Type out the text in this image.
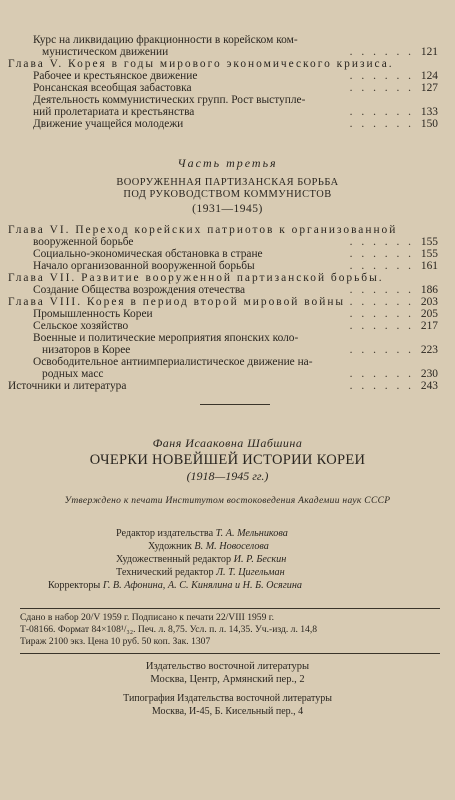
Курс на ликвидацию фракционности в корейском ком-
мунистическом движении	. . . . . . 121
Глава V. Корея в годы мирового экономического кризиса.
Рабочее и крестьянское движение	. . . . . . 124
Ронсанская всеобщая забастовка	. . . . . . 127
Деятельность коммунистических групп. Рост выступле-
ний пролетариата и крестьянства	. . . . . . 133
Движение учащейся молодежи	. . . . . . 150
Часть третья
ВООРУЖЕННАЯ ПАРТИЗАНСКАЯ БОРЬБА
ПОД РУКОВОДСТВОМ КОММУНИСТОВ
(1931—1945)
Глава VI. Переход корейских патриотов к организованной
вооруженной борьбе	. . . . . . 155
Социально-экономическая обстановка в стране	. . . . . . 155
Начало организованной вооруженной борьбы	. . . . . . 161
Глава VII. Развитие вооруженной партизанской борьбы.
Создание Общества возрождения отечества	. . . . . . 186
Глава VIII. Корея в период второй мировой войны . . . . . . 203
Промышленность Кореи	. . . . . . 205
Сельское хозяйство	. . . . . . 217
Военные и политические мероприятия японских коло-
низаторов в Корее	. . . . . . 223
Освободительное антиимпериалистическое движение на-
родных масс	. . . . . . 230
Источники и литература	. . . . . . 243
Фаня Исааковна Шабшина
ОЧЕРКИ НОВЕЙШЕЙ ИСТОРИИ КОРЕИ
(1918—1945 гг.)
Утверждено к печати Институтом востоковедения Академии наук СССР
Редактор издательства Т. А. Мельникова
Художник В. М. Новоселова
Художественный редактор И. Р. Бескин
Технический редактор Л. Т. Цигельман
Корректоры Г. В. Афонина, А. С. Кинялина и Н. Б. Осягина
Сдано в набор 20/V 1959 г. Подписано к печати 22/VIII 1959 г.
Т-08166. Формат 84×108¹/₃₂. Печ. л. 8,75. Усл. п. л. 14,35. Уч.-изд. л. 14,8
Тираж 2100 экз. Цена 10 руб. 50 коп. Зак. 1307
Издательство восточной литературы
Москва, Центр, Армянский пер., 2
Типография Издательства восточной литературы
Москва, И-45, Б. Кисельный пер., 4
